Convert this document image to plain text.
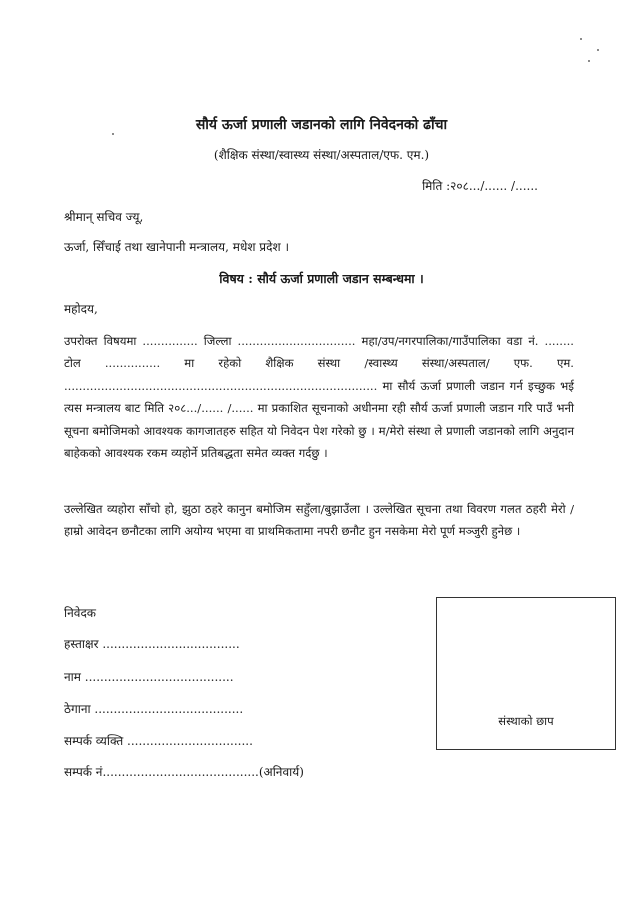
सौर्य ऊर्जा प्रणाली जडानको लागि निवेदनको ढाँचा
(शैक्षिक संस्था/स्वास्थ्य संस्था/अस्पताल/एफ. एम.)
मिति :२०८.../...... /......
श्रीमान् सचिव ज्यू,
ऊर्जा, सिँचाई तथा खानेपानी मन्त्रालय, मधेश प्रदेश ।
विषय : सौर्य ऊर्जा प्रणाली जडान सम्बन्धमा ।
महोदय,
उपरोक्त विषयमा ............... जिल्ला ................................ महा/उप/नगरपालिका/गाउँपालिका वडा नं. ........ टोल ............... मा रहेको शैक्षिक संस्था /स्वास्थ्य संस्था/अस्पताल/ एफ. एम. ..................................................................................... मा सौर्य ऊर्जा प्रणाली जडान गर्न इच्छुक भई त्यस मन्त्रालय बाट मिति २०८.../...... /...... मा प्रकाशित सूचनाको अधीनमा रही सौर्य ऊर्जा प्रणाली जडान गरि पाउँ भनी सूचना बमोजिमको आवश्यक कागजातहरु सहित यो निवेदन पेश गरेको छु । म/मेरो संस्था ले प्रणाली जडानको लागि अनुदान बाहेकको आवश्यक रकम व्यहोर्ने प्रतिबद्धता समेत व्यक्त गर्दछु ।
उल्लेखित व्यहोरा साँचो हो, झुठा ठहरे कानुन बमोजिम सहुँला/बुझाउँला । उल्लेखित सूचना तथा विवरण गलत ठहरी मेरो / हाम्रो आवेदन छनौटका लागि अयोग्य भएमा वा प्राथमिकतामा नपरी छनौट हुन नसकेमा मेरो पूर्ण मञ्जुरी हुनेछ ।
निवेदक
हस्ताक्षर ....................................
नाम .......................................
ठेगाना .......................................
सम्पर्क व्यक्ति .................................
सम्पर्क नं.........................................(अनिवार्य)
संस्थाको छाप
